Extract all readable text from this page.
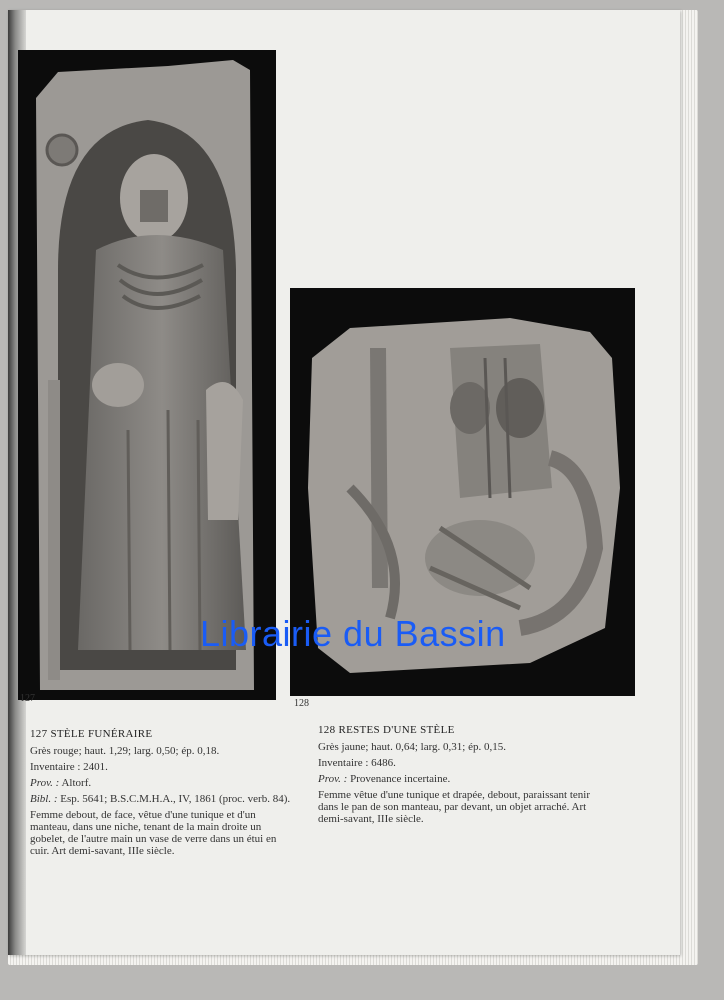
127	128
127 STÈLE FUNÉRAIRE

Grès rouge; haut. 1,29; larg. 0,50; ép. 0,18.

Inventaire : 2401.

Prov. : Altorf.

Bibl. : Esp. 5641; B.S.C.M.H.A., IV, 1861 (proc. verb. 84).

Femme debout, de face, vêtue d'une tunique et d'un manteau, dans une niche, tenant de la main droite un gobelet, de l'autre main un vase de verre dans un étui en cuir. Art demi-savant, IIIe siècle.

128 RESTES D'UNE STÈLE

Grès jaune; haut. 0,64; larg. 0,31; ép. 0,15.

Inventaire : 6486.

Prov. : Provenance incertaine.

Femme vêtue d'une tunique et drapée, debout, paraissant tenir dans le pan de son manteau, par devant, un objet arraché. Art demi-savant, IIIe siècle.

Librairie du Bassin
